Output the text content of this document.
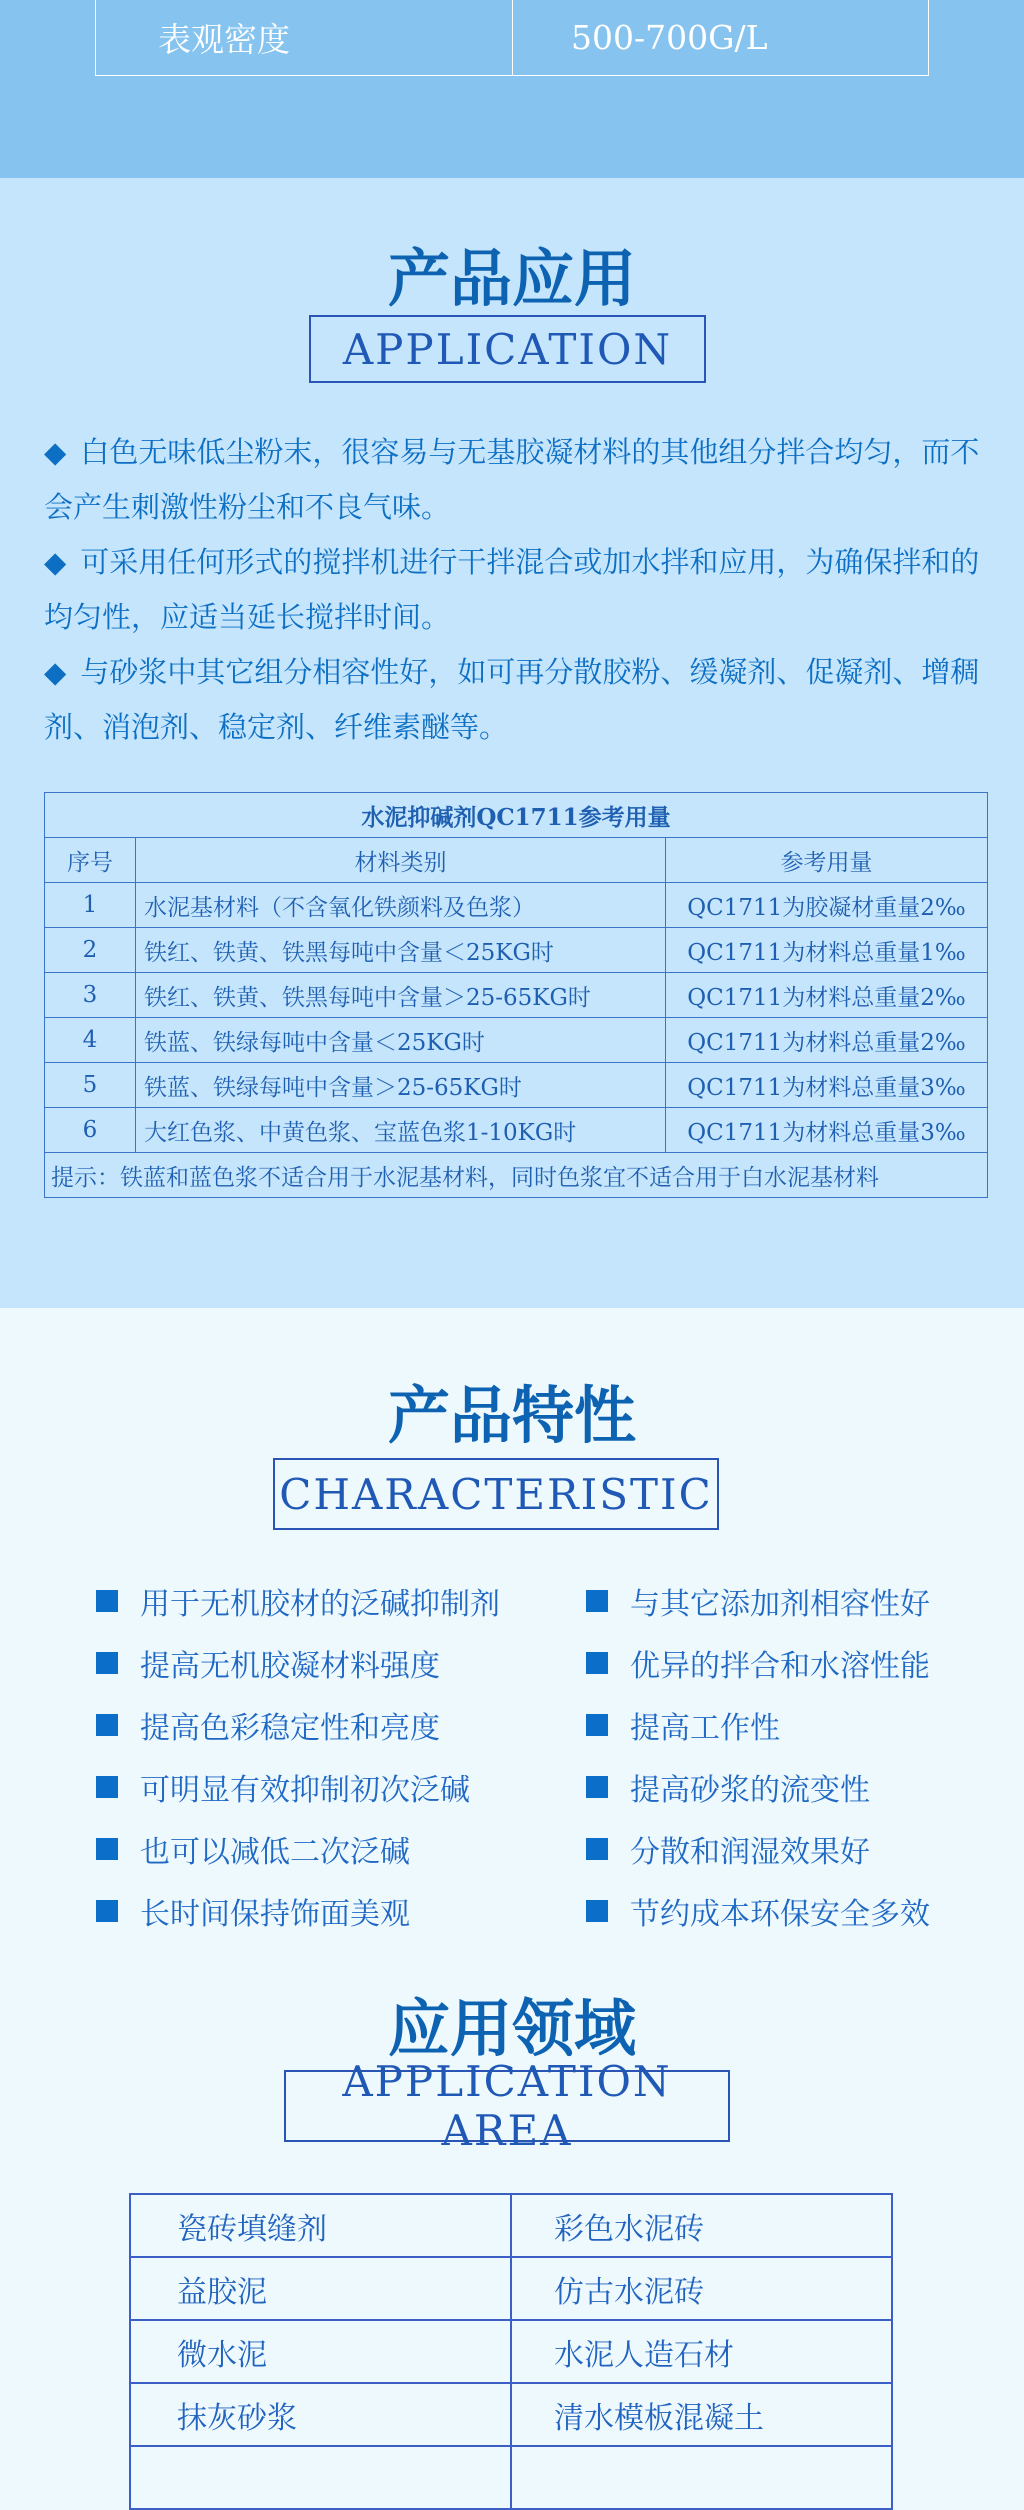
表观密度	500-700G/L
产品应用
APPLICATION

◆ 白色无味低尘粉末，很容易与无基胶凝材料的其他组分拌合均匀，而不会产生刺激性粉尘和不良气味。

◆ 可采用任何形式的搅拌机进行干拌混合或加水拌和应用，为确保拌和的均匀性，应适当延长搅拌时间。

◆ 与砂浆中其它组分相容性好，如可再分散胶粉、缓凝剂、促凝剂、增稠剂、消泡剂、稳定剂、纤维素醚等。

水泥抑碱剂QC1711参考用量		
序号	材料类别	参考用量
1	水泥基材料（不含氧化铁颜料及色浆）	QC1711为胶凝材重量2‰
2	铁红、铁黄、铁黑每吨中含量＜25KG时	QC1711为材料总重量1‰
3	铁红、铁黄、铁黑每吨中含量＞25-65KG时	QC1711为材料总重量2‰
4	铁蓝、铁绿每吨中含量＜25KG时	QC1711为材料总重量2‰
5	铁蓝、铁绿每吨中含量＞25-65KG时	QC1711为材料总重量3‰
6	大红色浆、中黄色浆、宝蓝色浆1-10KG时	QC1711为材料总重量3‰
提示：铁蓝和蓝色浆不适合用于水泥基材料，同时色浆宜不适合用于白水泥基材料		
产品特性
CHARACTERISTIC
用于无机胶材的泛碱抑制剂
提高无机胶凝材料强度
提高色彩稳定性和亮度
可明显有效抑制初次泛碱
也可以减低二次泛碱
长时间保持饰面美观
与其它添加剂相容性好
优异的拌合和水溶性能
提高工作性
提高砂浆的流变性
分散和润湿效果好
节约成本环保安全多效
应用领域
APPLICATION AREA
瓷砖填缝剂	彩色水泥砖
益胶泥	仿古水泥砖
微水泥	水泥人造石材
抹灰砂浆	清水模板混凝土
